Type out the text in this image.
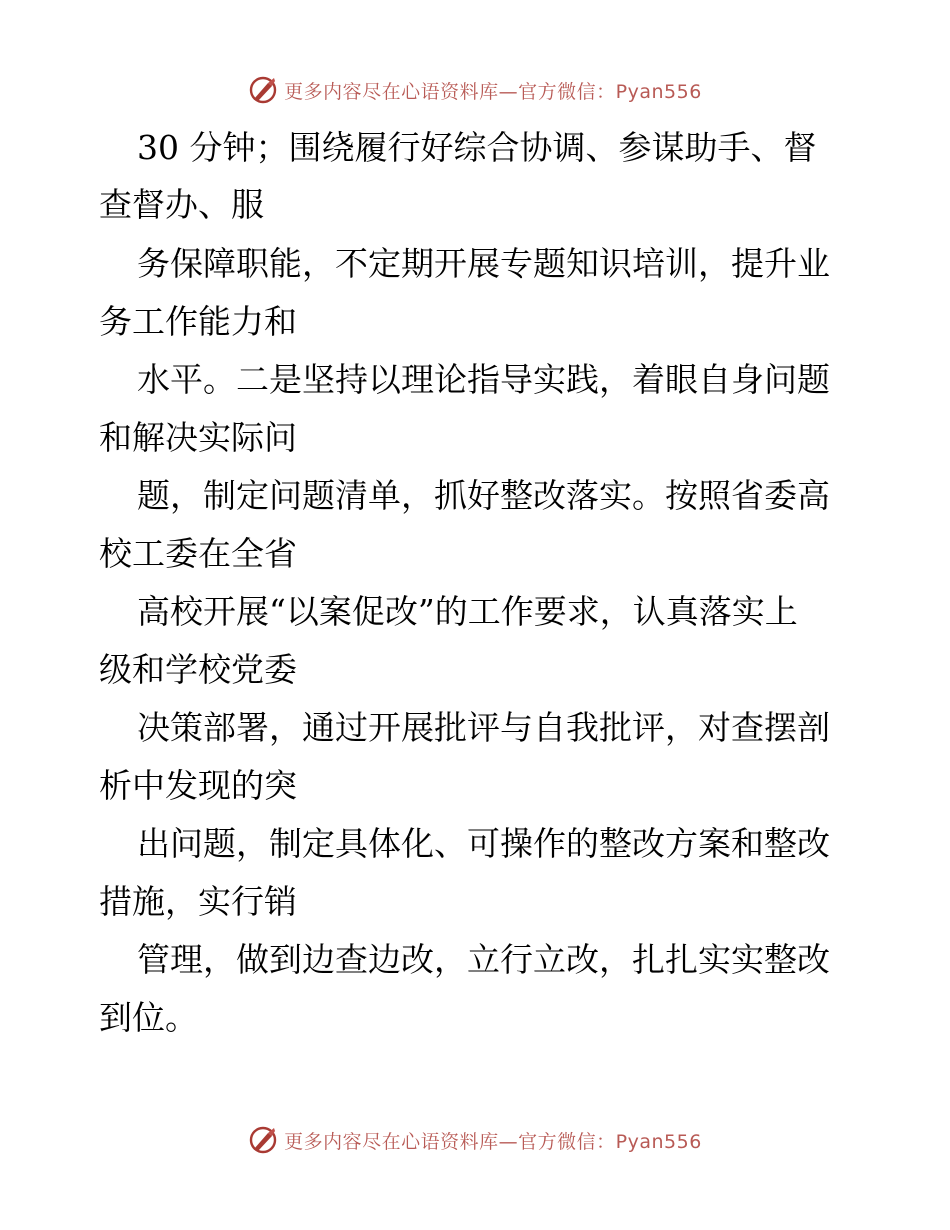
更多内容尽在心语资料库—官方微信：Pyan556
30 分钟；围绕履行好综合协调、参谋助手、督
查督办、服
务保障职能，不定期开展专题知识培训，提升业
务工作能力和
水平。二是坚持以理论指导实践，着眼自身问题
和解决实际问
题，制定问题清单，抓好整改落实。按照省委高
校工委在全省
高校开展“以案促改”的工作要求，认真落实上
级和学校党委
决策部署，通过开展批评与自我批评，对查摆剖
析中发现的突
出问题，制定具体化、可操作的整改方案和整改
措施，实行销
管理，做到边查边改，立行立改，扎扎实实整改
到位。
更多内容尽在心语资料库—官方微信：Pyan556
